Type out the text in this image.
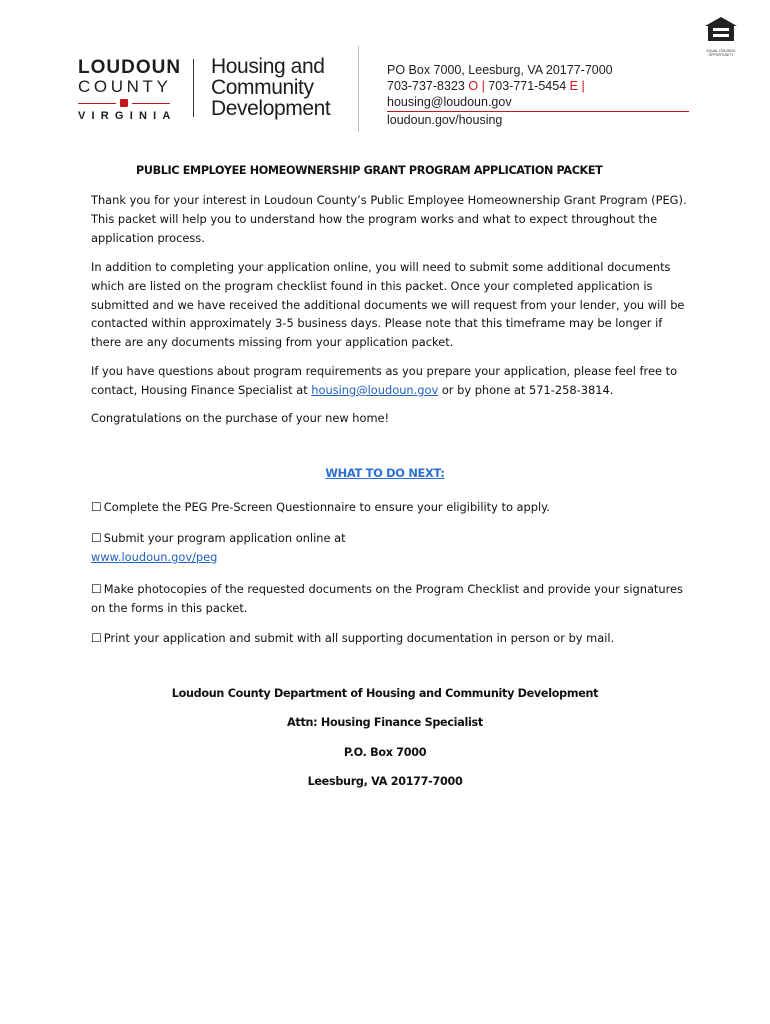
EQUAL HOUSING
OPPORTUNITY
LOUDOUN
COUNTY
VIRGINIA
Housing and
Community
Development
PO Box 7000, Leesburg, VA 20177-7000
703-737-8323 O | 703-771-5454 E | housing@loudoun.gov
loudoun.gov/housing
PUBLIC EMPLOYEE HOMEOWNERSHIP GRANT PROGRAM APPLICATION PACKET
Thank you for your interest in Loudoun County’s Public Employee Homeownership Grant Program (PEG). This packet will help you to understand how the program works and what to expect throughout the application process.
In addition to completing your application online, you will need to submit some additional documents which are listed on the program checklist found in this packet. Once your completed application is submitted and we have received the additional documents we will request from your lender, you will be contacted within approximately 3-5 business days. Please note that this timeframe may be longer if there are any documents missing from your application packet.
If you have questions about program requirements as you prepare your application, please feel free to contact, Housing Finance Specialist at housing@loudoun.gov or by phone at 571-258-3814.
Congratulations on the purchase of your new home!
WHAT TO DO NEXT:
☐ Complete the PEG Pre-Screen Questionnaire to ensure your eligibility to apply.
☐ Submit your program application online at
www.loudoun.gov/peg
☐ Make photocopies of the requested documents on the Program Checklist and provide your signatures on the forms in this packet.
☐ Print your application and submit with all supporting documentation in person or by mail.
Loudoun County Department of Housing and Community Development
Attn: Housing Finance Specialist
P.O. Box 7000
Leesburg, VA 20177-7000
